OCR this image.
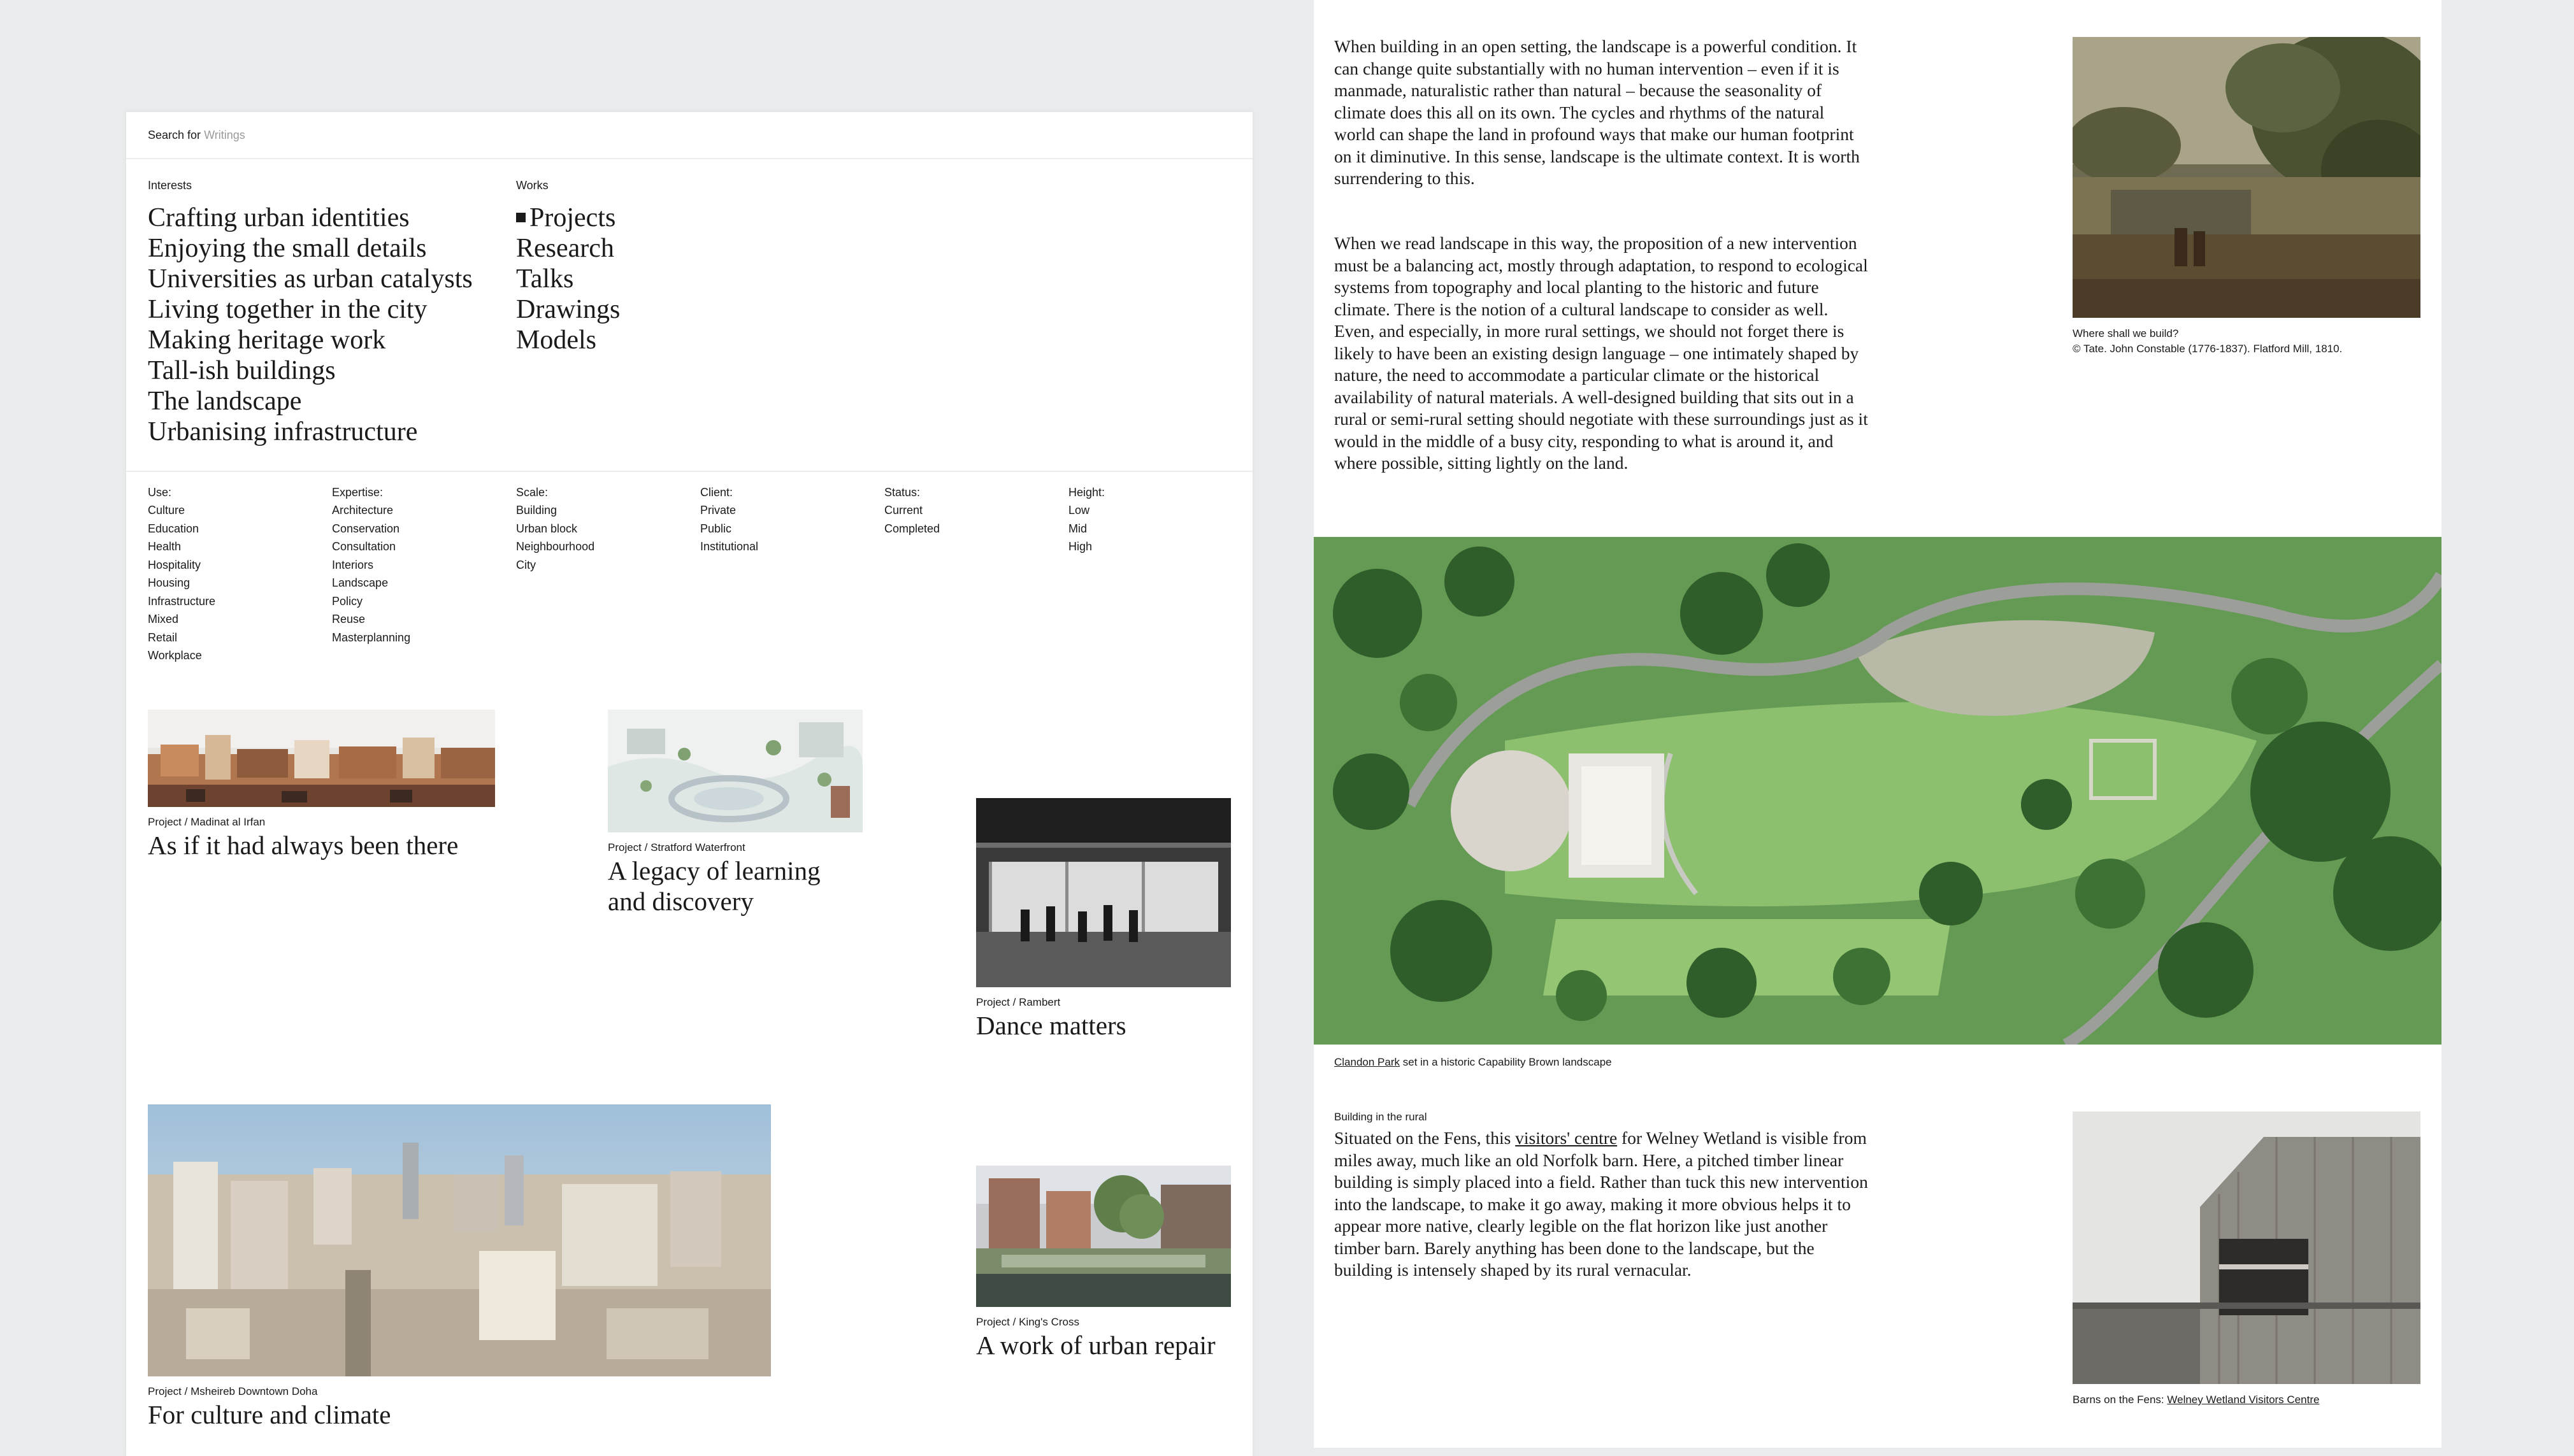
Search for Writings
Interests
Crafting urban identities
Enjoying the small details
Universities as urban catalysts
Living together in the city
Making heritage work
Tall-ish buildings
The landscape
Urbanising infrastructure
Works
Projects
Research
Talks
Drawings
Models
Use:
Culture
Education
Health
Hospitality
Housing
Infrastructure
Mixed
Retail
Workplace
Expertise:
Architecture
Conservation
Consultation
Interiors
Landscape
Policy
Reuse
Masterplanning
Scale:
Building
Urban block
Neighbourhood
City
Client:
Private
Public
Institutional
Status:
Current
Completed
Height:
Low
Mid
High
Project / Madinat al Irfan
As if it had always been there	Project / Stratford Waterfront
A legacy of learning and discovery
Project / Rambert
Dance matters
Project / Msheireb Downtown Doha
For culture and climate
Project / King's Cross
A work of urban repair

When building in an open setting, the landscape is a powerful condition. It can change quite substantially with no human intervention – even if it is manmade, naturalistic rather than natural – because the seasonality of climate does this all on its own. The cycles and rhythms of the natural world can shape the land in profound ways that make our human footprint on it diminutive. In this sense, landscape is the ultimate context. It is worth surrendering to this.

When we read landscape in this way, the proposition of a new intervention must be a balancing act, mostly through adaptation, to respond to ecological systems from topography and local planting to the historic and future climate. There is the notion of a cultural landscape to consider as well. Even, and especially, in more rural settings, we should not forget there is likely to have been an existing design language – one intimately shaped by nature, the need to accommodate a particular climate or the historical availability of natural materials. A well-designed building that sits out in a rural or semi-rural setting should negotiate with these surroundings just as it would in the middle of a busy city, responding to what is around it, and where possible, sitting lightly on the land.

Where shall we build?
© Tate. John Constable (1776-1837). Flatford Mill, 1810.
Clandon Park set in a historic Capability Brown landscape
Building in the rural

Situated on the Fens, this visitors' centre for Welney Wetland is visible from miles away, much like an old Norfolk barn. Here, a pitched timber linear building is simply placed into a field. Rather than tuck this new intervention into the landscape, to make it go away, making it more obvious helps it to appear more native, clearly legible on the flat horizon like just another timber barn. Barely anything has been done to the landscape, but the building is intensely shaped by its rural vernacular.

Barns on the Fens: Welney Wetland Visitors Centre
